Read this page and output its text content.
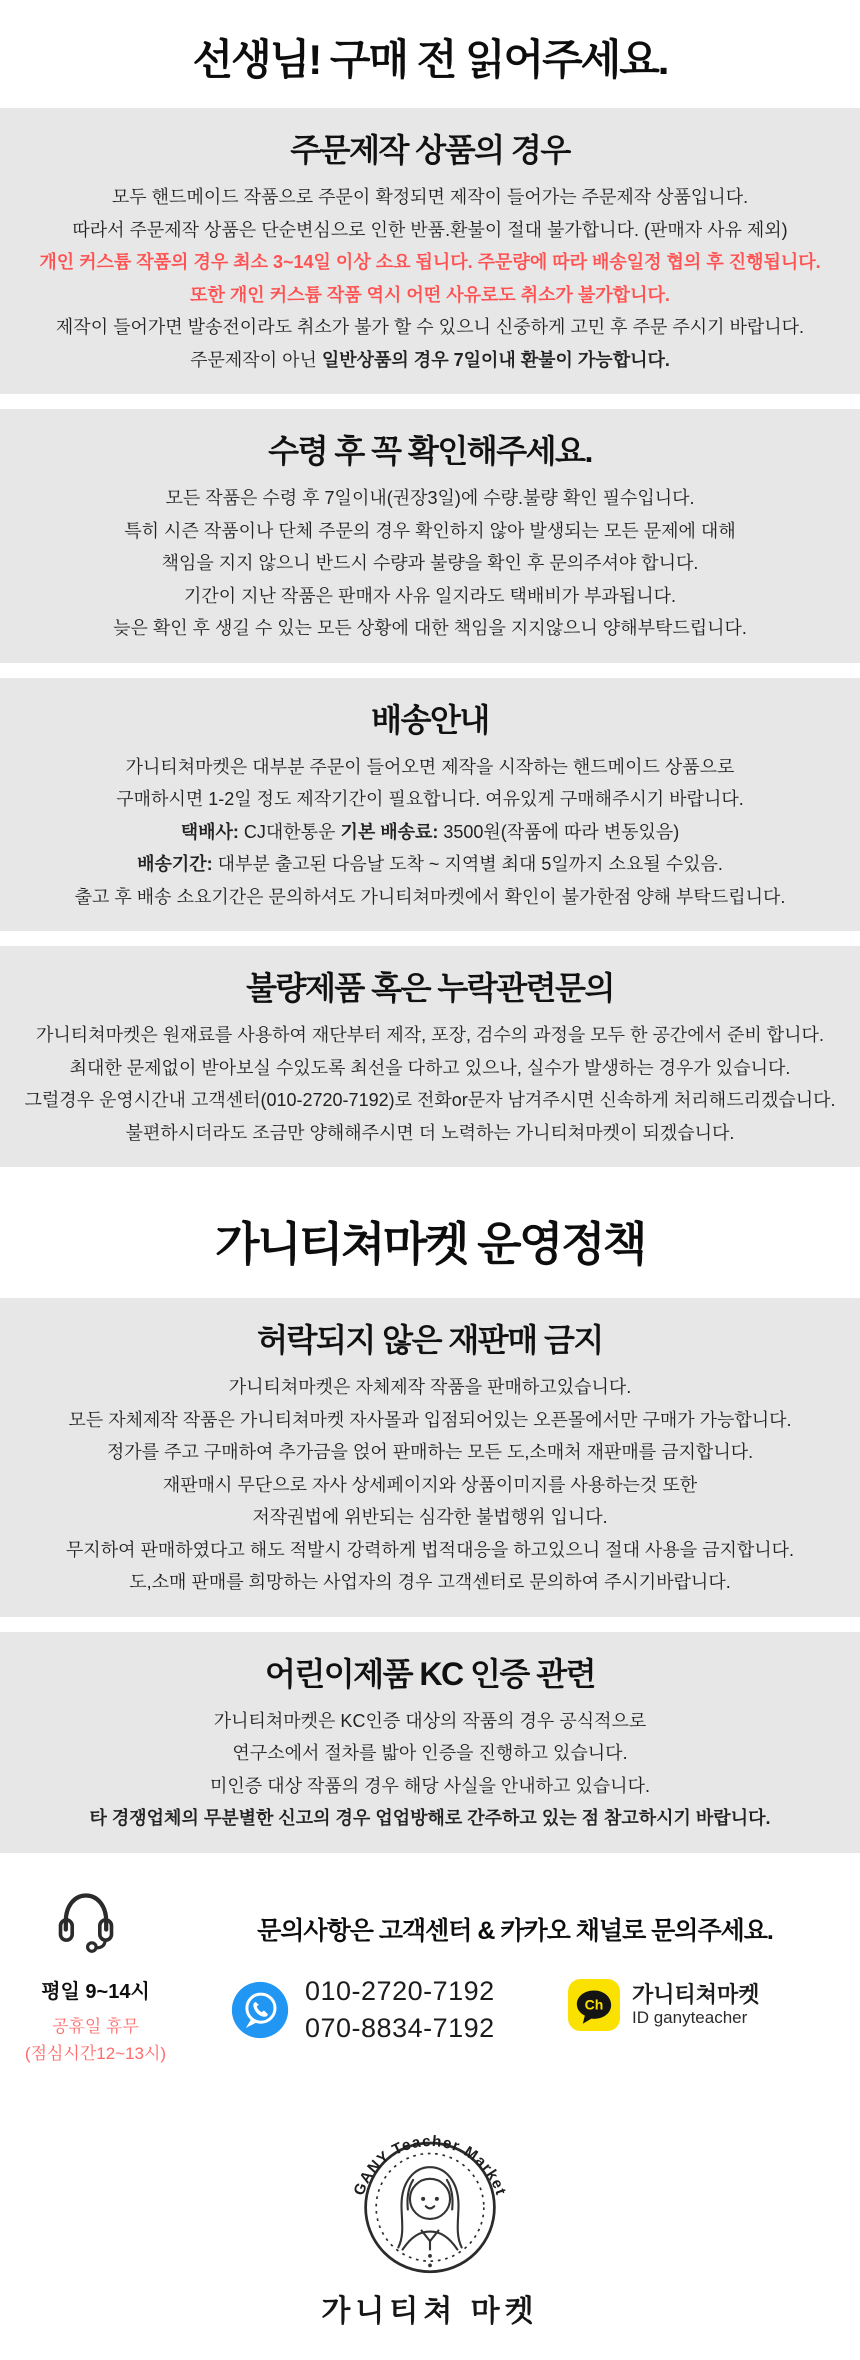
선생님! 구매 전 읽어주세요.
주문제작 상품의 경우
모두 핸드메이드 작품으로 주문이 확정되면 제작이 들어가는 주문제작 상품입니다.
따라서 주문제작 상품은 단순변심으로 인한 반품.환불이 절대 불가합니다. (판매자 사유 제외)
개인 커스튬 작품의 경우 최소 3~14일 이상 소요 됩니다. 주문량에 따라 배송일정 협의 후 진행됩니다.
또한 개인 커스튬 작품 역시 어떤 사유로도 취소가 불가합니다.
제작이 들어가면 발송전이라도 취소가 불가 할 수 있으니 신중하게 고민 후 주문 주시기 바랍니다.
주문제작이 아닌 일반상품의 경우 7일이내 환불이 가능합니다.
수령 후 꼭 확인해주세요.
모든 작품은 수령 후 7일이내(권장3일)에 수량.불량 확인 필수입니다.
특히 시즌 작품이나 단체 주문의 경우 확인하지 않아 발생되는 모든 문제에 대해
책임을 지지 않으니 반드시 수량과 불량을 확인 후 문의주셔야 합니다.
기간이 지난 작품은 판매자 사유 일지라도 택배비가 부과됩니다.
늦은 확인 후 생길 수 있는 모든 상황에 대한 책임을 지지않으니 양해부탁드립니다.
배송안내
가니티쳐마켓은 대부분 주문이 들어오면 제작을 시작하는 핸드메이드 상품으로
구매하시면 1-2일 정도 제작기간이 필요합니다. 여유있게 구매해주시기 바랍니다.
택배사: CJ대한통운 기본 배송료: 3500원(작품에 따라 변동있음)
배송기간: 대부분 출고된 다음날 도착 ~ 지역별 최대 5일까지 소요될 수있음.
출고 후 배송 소요기간은 문의하셔도 가니티쳐마켓에서 확인이 불가한점 양해 부탁드립니다.
불량제품 혹은 누락관련문의
가니티쳐마켓은 원재료를 사용하여 재단부터 제작, 포장, 검수의 과정을 모두 한 공간에서 준비 합니다.
최대한 문제없이 받아보실 수있도록 최선을 다하고 있으나, 실수가 발생하는 경우가 있습니다.
그럴경우 운영시간내 고객센터(010-2720-7192)로 전화or문자 남겨주시면 신속하게 처리해드리겠습니다.
불편하시더라도 조금만 양해해주시면 더 노력하는 가니티쳐마켓이 되겠습니다.
가니티쳐마켓 운영정책
허락되지 않은 재판매 금지
가니티쳐마켓은 자체제작 작품을 판매하고있습니다.
모든 자체제작 작품은 가니티쳐마켓 자사몰과 입점되어있는 오픈몰에서만 구매가 가능합니다.
정가를 주고 구매하여 추가금을 얹어 판매하는 모든 도,소매처 재판매를 금지합니다.
재판매시 무단으로 자사 상세페이지와 상품이미지를 사용하는것 또한
저작권법에 위반되는 심각한 불법행위 입니다.
무지하여 판매하였다고 해도 적발시 강력하게 법적대응을 하고있으니 절대 사용을 금지합니다.
도,소매 판매를 희망하는 사업자의 경우 고객센터로 문의하여 주시기바랍니다.
어린이제품 KC 인증 관련
가니티쳐마켓은 KC인증 대상의 작품의 경우 공식적으로
연구소에서 절차를 밟아 인증을 진행하고 있습니다.
미인증 대상 작품의 경우 해당 사실을 안내하고 있습니다.
타 경쟁업체의 무분별한 신고의 경우 업업방해로 간주하고 있는 점 참고하시기 바랍니다.
문의사항은 고객센터 & 카카오 채널로 문의주세요.
평일 9~14시
공휴일 휴무
(점심시간12~13시)
010-2720-7192
070-8834-7192
Ch 가니티쳐마켓
ID ganyteacher
GANY Teacher Market
가니티쳐 마켓
